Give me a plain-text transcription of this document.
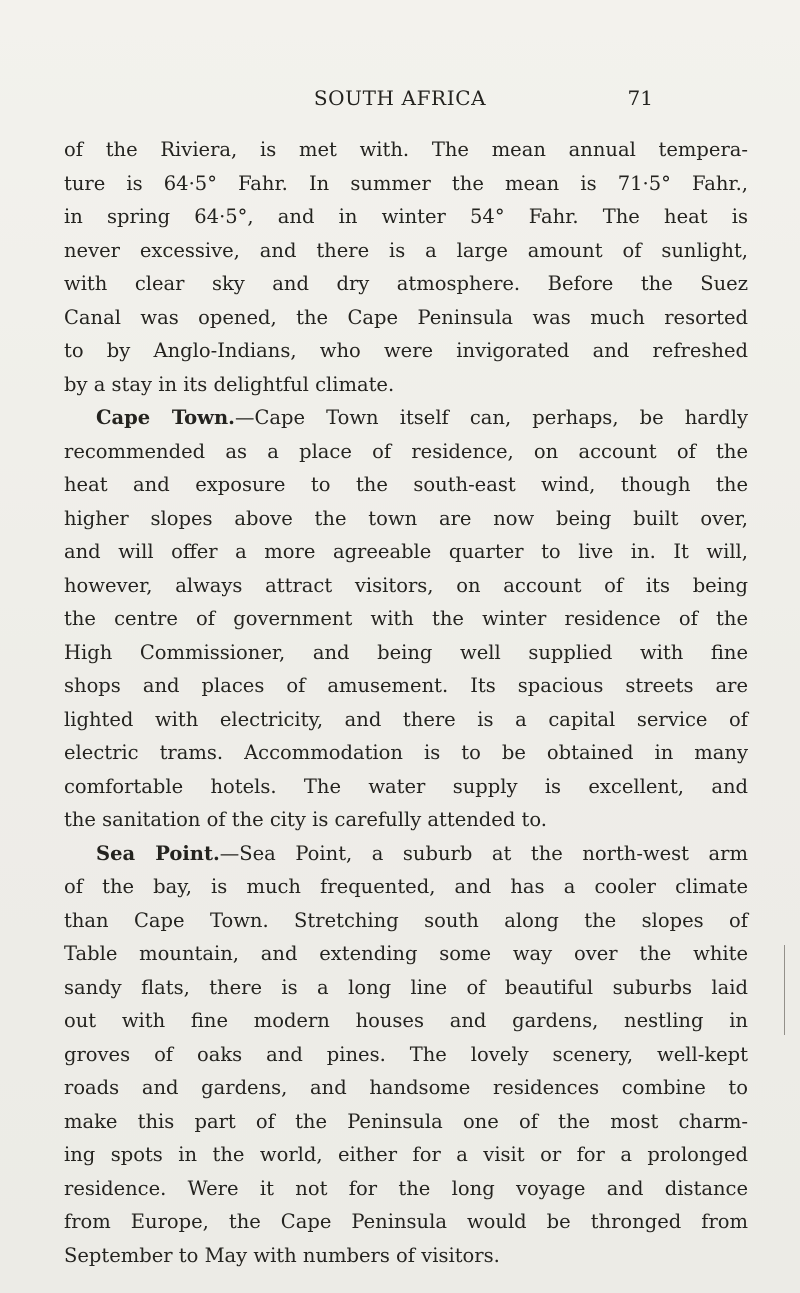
SOUTH AFRICA	71
of the Riviera, is met with. The mean annual tempera-
ture is 64·5° Fahr. In summer the mean is 71·5° Fahr.,
in spring 64·5°, and in winter 54° Fahr. The heat is
never excessive, and there is a large amount of sunlight,
with clear sky and dry atmosphere. Before the Suez
Canal was opened, the Cape Peninsula was much resorted
to by Anglo-Indians, who were invigorated and refreshed
by a stay in its delightful climate.
Cape Town.—Cape Town itself can, perhaps, be hardly
recommended as a place of residence, on account of the
heat and exposure to the south-east wind, though the
higher slopes above the town are now being built over,
and will offer a more agreeable quarter to live in. It will,
however, always attract visitors, on account of its being
the centre of government with the winter residence of the
High Commissioner, and being well supplied with fine
shops and places of amusement. Its spacious streets are
lighted with electricity, and there is a capital service of
electric trams. Accommodation is to be obtained in many
comfortable hotels. The water supply is excellent, and
the sanitation of the city is carefully attended to.
Sea Point.—Sea Point, a suburb at the north-west arm
of the bay, is much frequented, and has a cooler climate
than Cape Town. Stretching south along the slopes of
Table mountain, and extending some way over the white
sandy flats, there is a long line of beautiful suburbs laid
out with fine modern houses and gardens, nestling in
groves of oaks and pines. The lovely scenery, well-kept
roads and gardens, and handsome residences combine to
make this part of the Peninsula one of the most charm-
ing spots in the world, either for a visit or for a prolonged
residence. Were it not for the long voyage and distance
from Europe, the Cape Peninsula would be thronged from
September to May with numbers of visitors.
